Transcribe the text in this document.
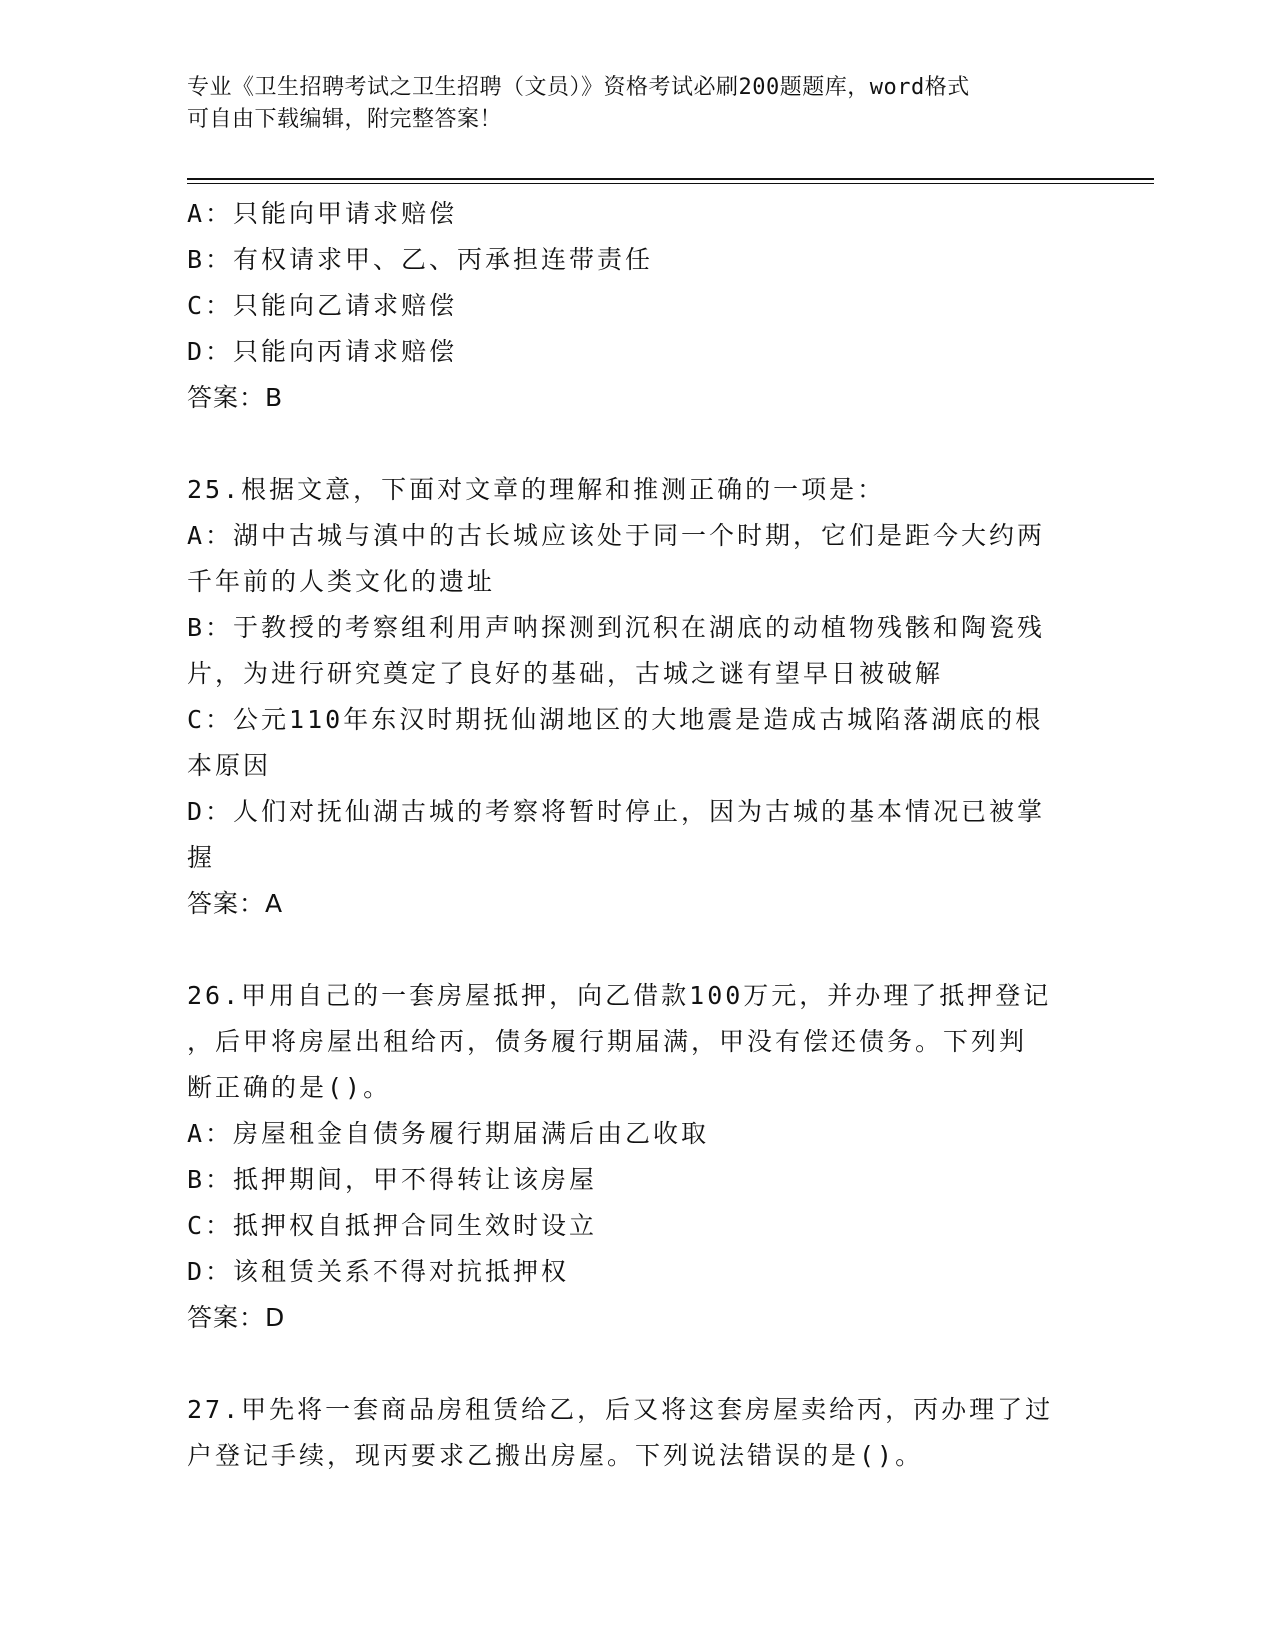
专业《卫生招聘考试之卫生招聘（文员）》资格考试必刷200题题库，word格式
可自由下载编辑，附完整答案！
A：只能向甲请求赔偿
B：有权请求甲、乙、丙承担连带责任
C：只能向乙请求赔偿
D：只能向丙请求赔偿
答案：B
25.根据文意，下面对文章的理解和推测正确的一项是：
A：湖中古城与滇中的古长城应该处于同一个时期，它们是距今大约两
千年前的人类文化的遗址
B：于教授的考察组利用声呐探测到沉积在湖底的动植物残骸和陶瓷残
片，为进行研究奠定了良好的基础，古城之谜有望早日被破解
C：公元110年东汉时期抚仙湖地区的大地震是造成古城陷落湖底的根
本原因
D：人们对抚仙湖古城的考察将暂时停止，因为古城的基本情况已被掌
握
答案：A
26.甲用自己的一套房屋抵押，向乙借款100万元，并办理了抵押登记
，后甲将房屋出租给丙，债务履行期届满，甲没有偿还债务。下列判
断正确的是()。
A：房屋租金自债务履行期届满后由乙收取
B：抵押期间，甲不得转让该房屋
C：抵押权自抵押合同生效时设立
D：该租赁关系不得对抗抵押权
答案：D
27.甲先将一套商品房租赁给乙，后又将这套房屋卖给丙，丙办理了过
户登记手续，现丙要求乙搬出房屋。下列说法错误的是()。
